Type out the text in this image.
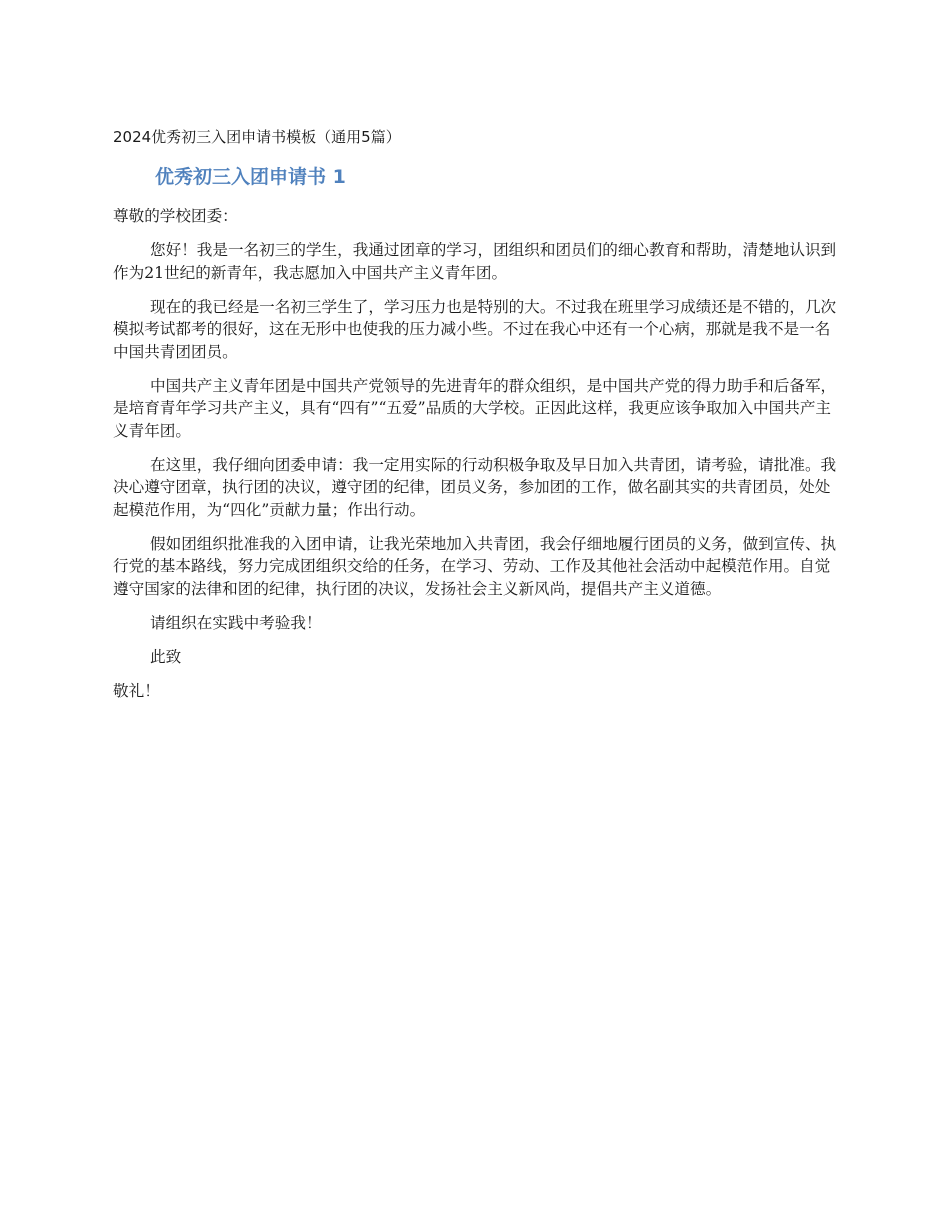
2024优秀初三入团申请书模板（通用5篇）
优秀初三入团申请书 1

尊敬的学校团委：

您好！我是一名初三的学生，我通过团章的学习，团组织和团员们的细心教育和帮助，清楚地认识到作为21世纪的新青年，我志愿加入中国共产主义青年团。

现在的我已经是一名初三学生了，学习压力也是特别的大。不过我在班里学习成绩还是不错的，几次模拟考试都考的很好，这在无形中也使我的压力减小些。不过在我心中还有一个心病，那就是我不是一名中国共青团团员。

中国共产主义青年团是中国共产党领导的先进青年的群众组织，是中国共产党的得力助手和后备军，是培育青年学习共产主义，具有“四有”“五爱”品质的大学校。正因此这样，我更应该争取加入中国共产主义青年团。

在这里，我仔细向团委申请：我一定用实际的行动积极争取及早日加入共青团，请考验，请批准。我决心遵守团章，执行团的决议，遵守团的纪律，团员义务，参加团的工作，做名副其实的共青团员，处处起模范作用，为“四化”贡献力量；作出行动。

假如团组织批准我的入团申请，让我光荣地加入共青团，我会仔细地履行团员的义务，做到宣传、执行党的基本路线，努力完成团组织交给的任务，在学习、劳动、工作及其他社会活动中起模范作用。自觉遵守国家的法律和团的纪律，执行团的决议，发扬社会主义新风尚，提倡共产主义道德。

请组织在实践中考验我！

此致

敬礼！
